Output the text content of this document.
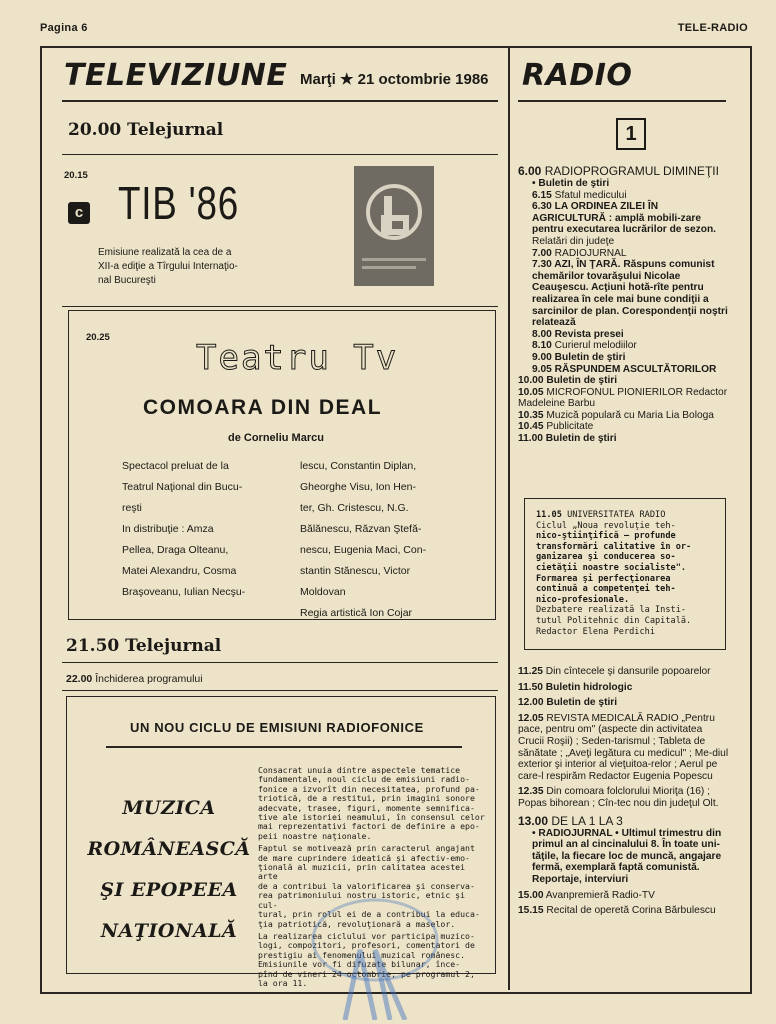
Pagina 6	TELE-RADIO
TELEVIZIUNE Marţi ★ 21 octombrie 1986
20.00 Telejurnal
20.15
c TIB '86
Emisiune realizată la cea de a
XII-a ediţie a Tîrgului Internaţio-
nal Bucureşti
20.25
Teatru Tv
COMOARA DIN DEAL
de Corneliu Marcu
Spectacol preluat de la
Teatrul Naţional din Bucu-
reşti
In distribuţie : Amza
Pellea, Draga Olteanu,
Matei Alexandru, Cosma
Braşoveanu, Iulian Necşu-
lescu, Constantin Diplan,
Gheorghe Visu, Ion Hen-
ter, Gh. Cristescu, N.G.
Bălănescu, Răzvan Ştefă-
nescu, Eugenia Maci, Con-
stantin Stănescu, Victor
Moldovan
Regia artistică Ion Cojar
21.50 Telejurnal
22.00 Închiderea programului
UN NOU CICLU DE EMISIUNI RADIOFONICE
MUZICA
ROMÂNEASCĂ
ŞI EPOPEEA
NAŢIONALĂ
Consacrat unuia dintre aspectele tematice
fundamentale, noul ciclu de emisiuni radio-
fonice a izvorît din necesitatea, profund pa-
triotică, de a restitui, prin imagini sonore
adecvate, trasee, figuri, momente semnifica-
tive ale istoriei neamului, în consensul celor
mai reprezentativi factori de definire a epo-
peii noastre naţionale.
Faptul se motivează prin caracterul angajant
de mare cuprindere ideatică şi afectiv-emo-
ţională al muzicii, prin calitatea acestei arte
de a contribui la valorificarea şi conserva-
rea patrimoniului nostru istoric, etnic şi cul-
tural, prin rolul ei de a contribui la educa-
ţia patriotică, revoluţionară a maselor.
La realizarea ciclului vor participa muzico-
logi, compozitori, profesori, comentatori de
prestigiu ai fenomenului muzical românesc.
Emisiunile vor fi difuzate bilunar, înce-
pînd de vineri 24 octombrie, pe programul 2,
la ora 11.
RADIO
1
6.00 RADIOPROGRAMUL DIMINEŢII
• Buletin de ştiri
6.15 Sfatul medicului
6.30 LA ORDINEA ZILEI ÎN AGRICULTURĂ : amplă mobili-zare pentru executarea lucrărilor de sezon.
Relatări din judeţe
7.00 RADIOJURNAL
7.30 AZI, ÎN ŢARĂ. Răspuns comunist chemărilor tovarăşului Nicolae Ceauşescu. Acţiuni hotă-rîte pentru realizarea în cele mai bune condiţii a sarcinilor de plan. Corespondenţii noştri relatează
8.00 Revista presei
8.10 Curierul melodiilor
9.00 Buletin de ştiri
9.05 RĂSPUNDEM ASCULTĂTORILOR
10.00 Buletin de ştiri
10.05 MICROFONUL PIONIERILOR Redactor Madeleine Barbu
10.35 Muzică populară cu Maria Lia Bologa
10.45 Publicitate
11.00 Buletin de ştiri
11.05 UNIVERSITATEA RADIO
Ciclul „Noua revoluţie teh-
nico-ştiinţifică — profunde
transformări calitative în or-
ganizarea şi conducerea so-
cietăţii noastre socialiste".
Formarea şi perfecţionarea
continuă a competenţei teh-
nico-profesionale.
Dezbatere realizată la Insti-
tutul Politehnic din Capitală.
Redactor Elena Perdichi
11.25 Din cîntecele şi dansurile popoarelor
11.50 Buletin hidrologic
12.00 Buletin de ştiri
12.05 REVISTA MEDICALĂ RADIO „Pentru pace, pentru om" (aspecte din activitatea Crucii Roşii) ; Seden-tarismul ; Tableta de sănătate ; „Aveţi legătura cu medicul" ; Me-diul exterior şi interior al vieţuitoa-relor ; Aerul pe care-l respirăm Redactor Eugenia Popescu
12.35 Din comoara folclorului Mioriţa (16) ; Popas bihorean ; Cîn-tec nou din judeţul Olt.
13.00 DE LA 1 LA 3
• RADIOJURNAL • Ultimul trimestru din primul an al cincinalului 8. În toate uni-tăţile, la fiecare loc de muncă, angajare fermă, exemplară faptă comunistă. Reportaje, interviuri
15.00 Avanpremieră Radio-TV
15.15 Recital de operetă Corina Bărbulescu
